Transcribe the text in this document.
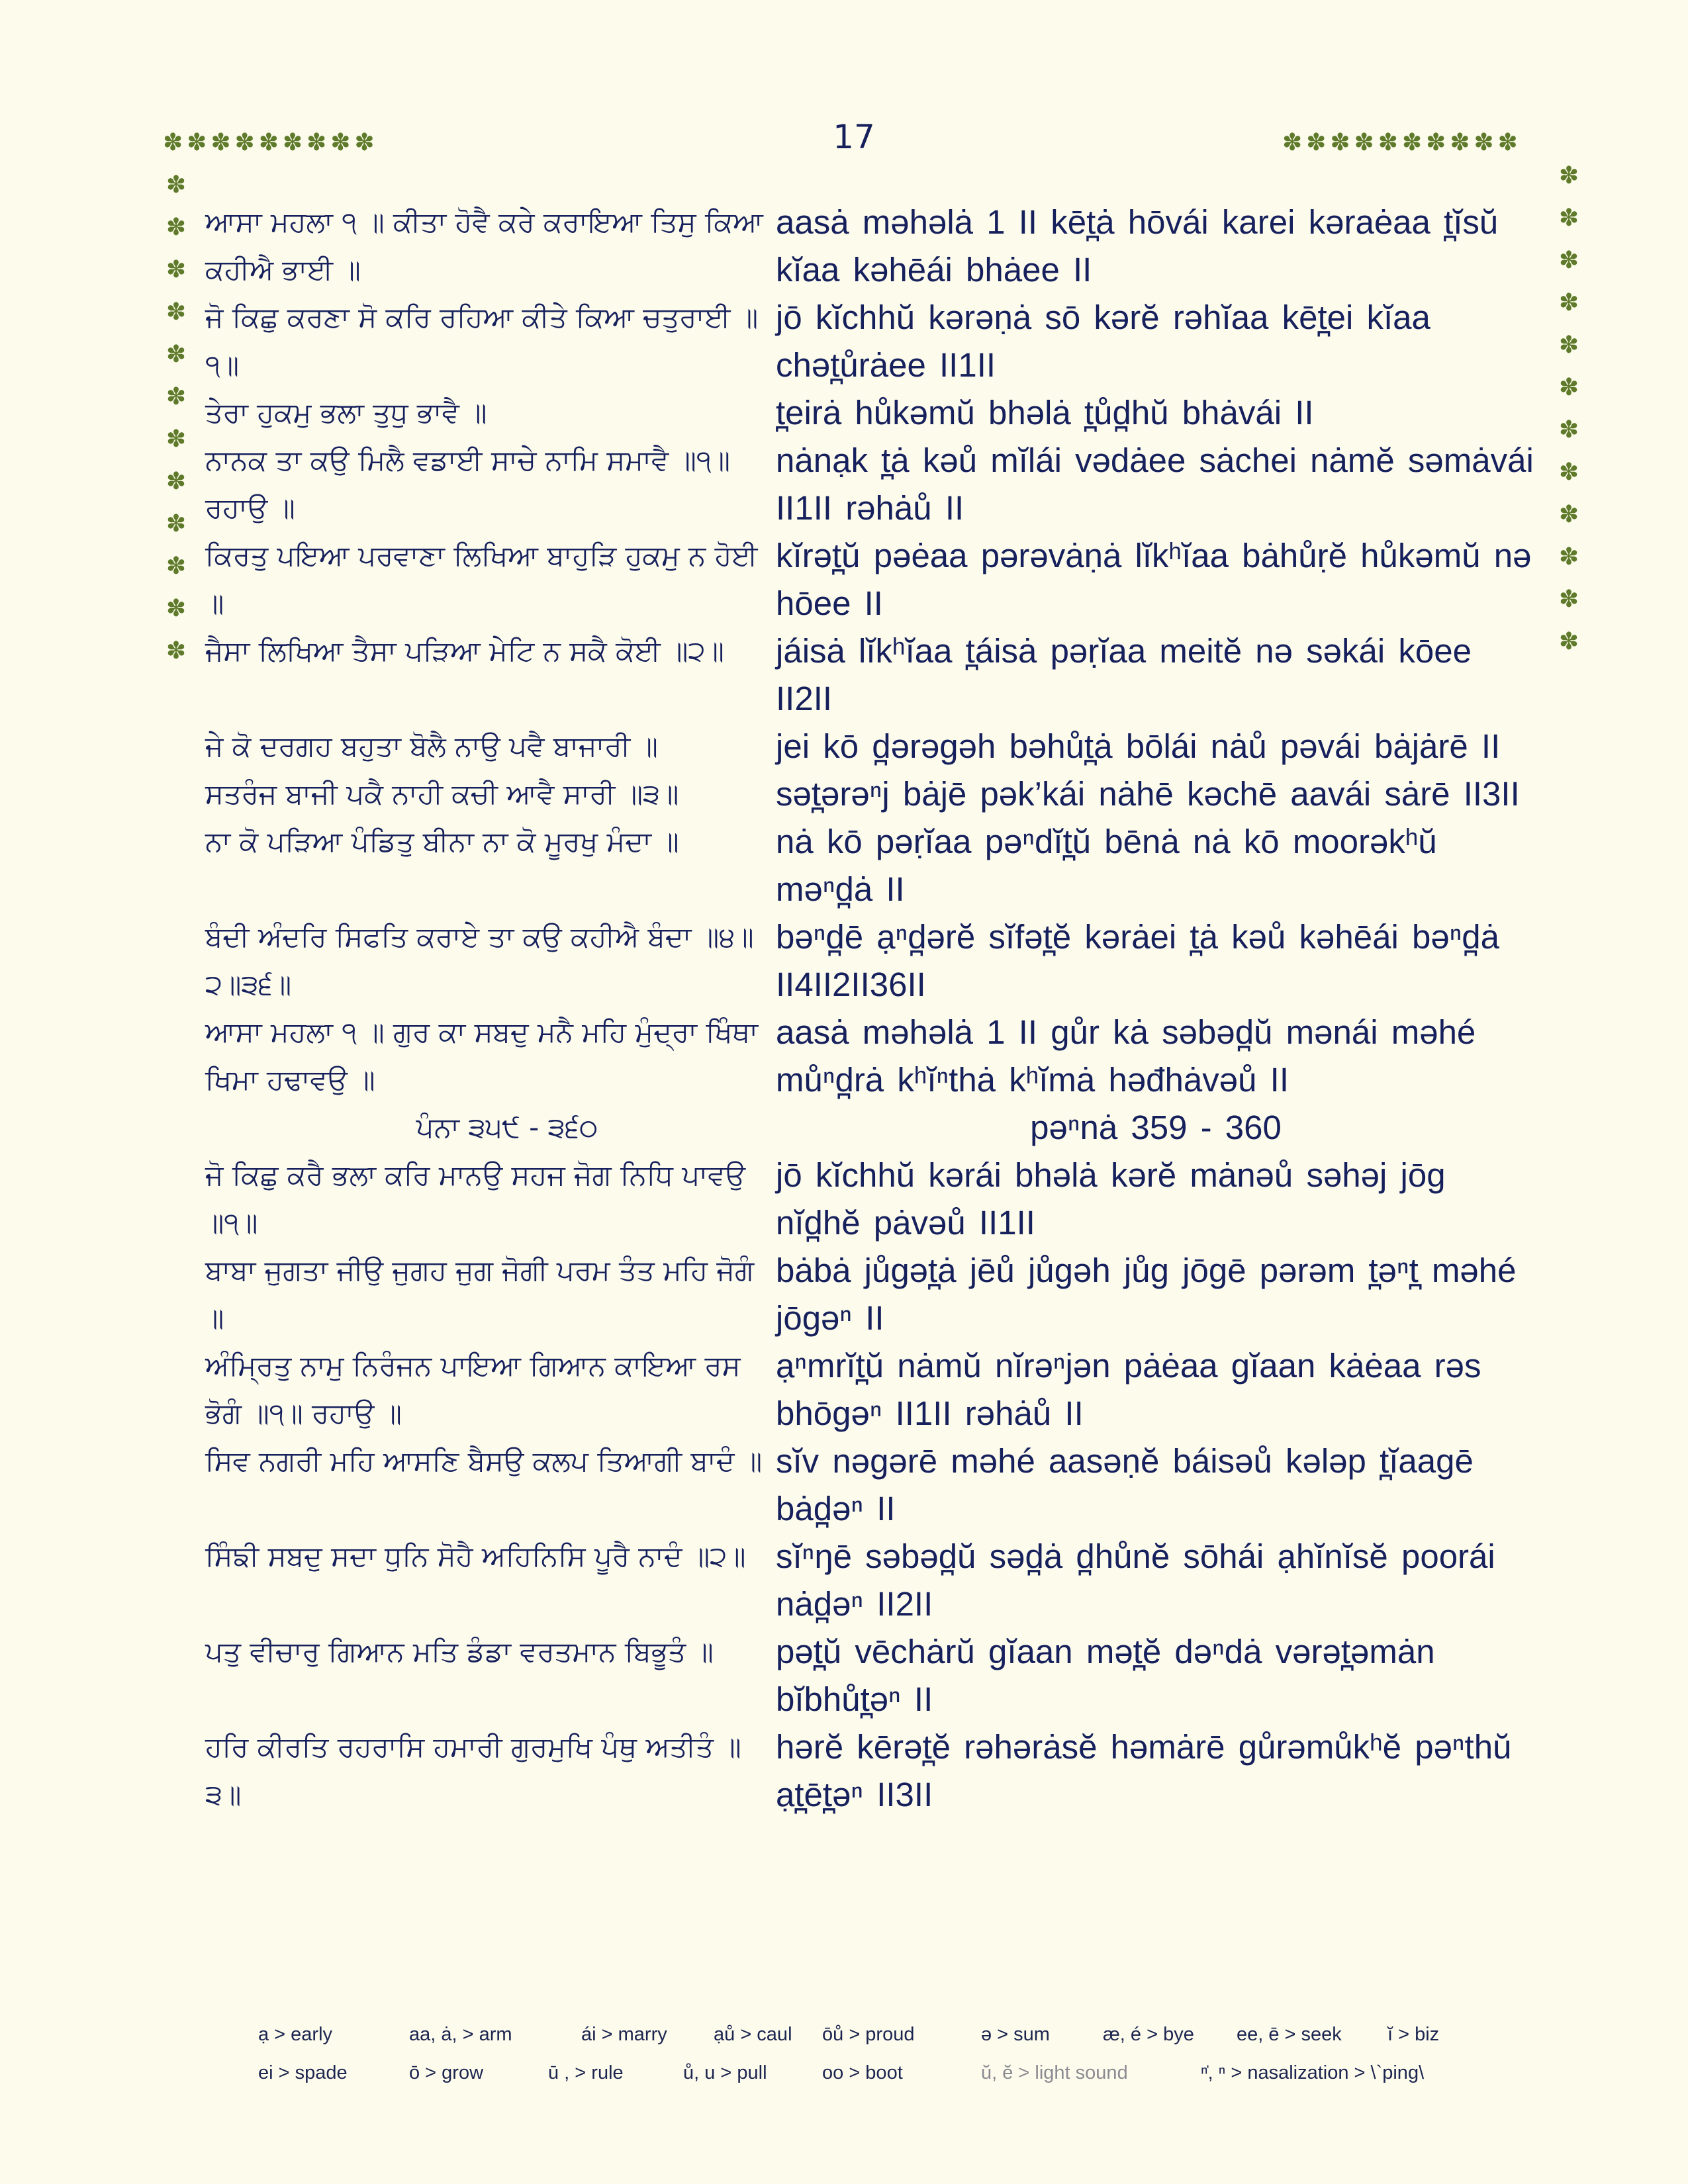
17
✽✽✽✽✽✽✽✽✽	✽✽✽✽✽✽✽✽✽✽
✽
✽
✽
✽
✽
✽
✽
✽
✽
✽
✽
✽
✽
✽
✽
✽
✽
✽
✽
✽
✽
✽
✽
✽
ਆਸਾ ਮਹਲਾ ੧ ॥ ਕੀਤਾ ਹੋਵੈ ਕਰੇ ਕਰਾਇਆ ਤਿਸੁ ਕਿਆ ਕਹੀਐ ਭਾਈ ॥
aasȧ məhəlȧ 1 II kēt̪ȧ hōvái karei kəraėaa t̪ĭsŭ kĭaa kəhēái bhȧee II
ਜੋ ਕਿਛੁ ਕਰਣਾ ਸੋ ਕਰਿ ਰਹਿਆ ਕੀਤੇ ਕਿਆ ਚਤੁਰਾਈ ॥੧॥
jō kĭchhŭ kərəṇȧ sō kərĕ rəhĭaa kēt̪ei kĭaa chət̪ůrȧee II1II
ਤੇਰਾ ਹੁਕਮੁ ਭਲਾ ਤੁਧੁ ਭਾਵੈ ॥	t̪eirȧ hůkəmŭ bhəlȧ t̪ůd̪hŭ bhȧvái II
ਨਾਨਕ ਤਾ ਕਉ ਮਿਲੈ ਵਡਾਈ ਸਾਚੇ ਨਾਮਿ ਸਮਾਵੈ ॥੧॥ ਰਹਾਉ ॥
nȧnạk t̪ȧ kəů mĭlái vədȧee sȧchei nȧmĕ səmȧvái II1II rəhȧů II
ਕਿਰਤੁ ਪਇਆ ਪਰਵਾਣਾ ਲਿਖਿਆ ਬਾਹੁੜਿ ਹੁਕਮੁ ਨ ਹੋਈ ॥
kĭrət̪ŭ pəėaa pərəvȧṇȧ lĭkʰĭaa bȧhůṛĕ hůkəmŭ nə hōee II
ਜੈਸਾ ਲਿਖਿਆ ਤੈਸਾ ਪੜਿਆ ਮੇਟਿ ਨ ਸਕੈ ਕੋਈ ॥੨॥	jáisȧ lĭkʰĭaa t̪áisȧ pəṛĭaa meitĕ nə səkái kōee II2II
ਜੇ ਕੋ ਦਰਗਹ ਬਹੁਤਾ ਬੋਲੈ ਨਾਉ ਪਵੈ ਬਾਜਾਰੀ ॥	jei kō d̪ərəgəh bəhůt̪ȧ bōlái nȧů pəvái bȧjȧrē II
ਸਤਰੰਜ ਬਾਜੀ ਪਕੈ ਨਾਹੀ ਕਚੀ ਆਵੈ ਸਾਰੀ ॥੩॥	sət̪ərəⁿj bȧjē pək’kái nȧhē kəchē aavái sȧrē II3II
ਨਾ ਕੋ ਪੜਿਆ ਪੰਡਿਤੁ ਬੀਨਾ ਨਾ ਕੋ ਮੂਰਖੁ ਮੰਦਾ ॥	nȧ kō pəṛĭaa pəⁿdĭt̪ŭ bēnȧ nȧ kō moorəkʰŭ məⁿd̪ȧ II
ਬੰਦੀ ਅੰਦਰਿ ਸਿਫਤਿ ਕਰਾਏ ਤਾ ਕਉ ਕਹੀਐ ਬੰਦਾ ॥੪॥੨॥੩੬॥
bəⁿd̪ē ạⁿd̪ərĕ sĭfət̪ĕ kərȧei t̪ȧ kəů kəhēái bəⁿd̪ȧ II4II2II36II
ਆਸਾ ਮਹਲਾ ੧ ॥ ਗੁਰ ਕਾ ਸਬਦੁ ਮਨੈ ਮਹਿ ਮੁੰਦ੍ਰਾ ਖਿੰਥਾ ਖਿਮਾ ਹਢਾਵਉ ॥
aasȧ məhəlȧ 1 II gůr kȧ səbəd̪ŭ mənái məhé můⁿd̪rȧ kʰĭⁿthȧ kʰĭmȧ həđhȧvəů II
ਪੰਨਾ ੩੫੯ - ੩੬੦	pəⁿnȧ 359 - 360
ਜੋ ਕਿਛੁ ਕਰੈ ਭਲਾ ਕਰਿ ਮਾਨਉ ਸਹਜ ਜੋਗ ਨਿਧਿ ਪਾਵਉ ॥੧॥
jō kĭchhŭ kərái bhəlȧ kərĕ mȧnəů səhəj jōg nĭd̪hĕ pȧvəů II1II
ਬਾਬਾ ਜੁਗਤਾ ਜੀਉ ਜੁਗਹ ਜੁਗ ਜੋਗੀ ਪਰਮ ਤੰਤ ਮਹਿ ਜੋਗੰ ॥
bȧbȧ jůgət̪ȧ jēů jůgəh jůg jōgē pərəm t̪əⁿt̪ məhé jōgəⁿ II
ਅੰਮ੍ਰਿਤੁ ਨਾਮੁ ਨਿਰੰਜਨ ਪਾਇਆ ਗਿਆਨ ਕਾਇਆ ਰਸ ਭੋਗੰ ॥੧॥ ਰਹਾਉ ॥
ạⁿmrĭt̪ŭ nȧmŭ nĭrəⁿjən pȧėaa gĭaan kȧėaa rəs bhōgəⁿ II1II rəhȧů II
ਸਿਵ ਨਗਰੀ ਮਹਿ ਆਸਣਿ ਬੈਸਉ ਕਲਪ ਤਿਆਗੀ ਬਾਦੰ ॥ sĭv nəgərē məhé aasəṇĕ báisəů kələp t̪ĭaagē bȧd̪əⁿ II
ਸਿੰਙੀ ਸਬਦੁ ਸਦਾ ਧੁਨਿ ਸੋਹੈ ਅਹਿਨਿਸਿ ਪੂਰੈ ਨਾਦੰ ॥੨॥ sĭⁿŋē səbəd̪ŭ səd̪ȧ d̪hůnĕ sōhái ạhĭnĭsĕ poorái nȧd̪əⁿ II2II
ਪਤੁ ਵੀਚਾਰੁ ਗਿਆਨ ਮਤਿ ਡੰਡਾ ਵਰਤਮਾਨ ਬਿਭੂਤੰ ॥	pət̪ŭ vēchȧrŭ gĭaan mət̪ĕ dəⁿdȧ vərət̪əmȧn bĭbhůt̪əⁿ II
ਹਰਿ ਕੀਰਤਿ ਰਹਰਾਸਿ ਹਮਾਰੀ ਗੁਰਮੁਖਿ ਪੰਥੁ ਅਤੀਤੰ ॥੩॥
hərĕ kērət̪ĕ rəhərȧsĕ həmȧrē gůrəmůkʰĕ pəⁿthŭ ạt̪ēt̪əⁿ II3II
ạ > early	aa, ȧ, > arm	ái > marry ạů > caul ōů > proud	ə > sum	æ, é > bye ee, ē > seek ĭ > biz
ei > spade	ō > grow	ū , > rule	ů, u > pull	oo > boot	ŭ, ĕ > light sound	ⁿ̍, ⁿ > nasalization > \`ping\
